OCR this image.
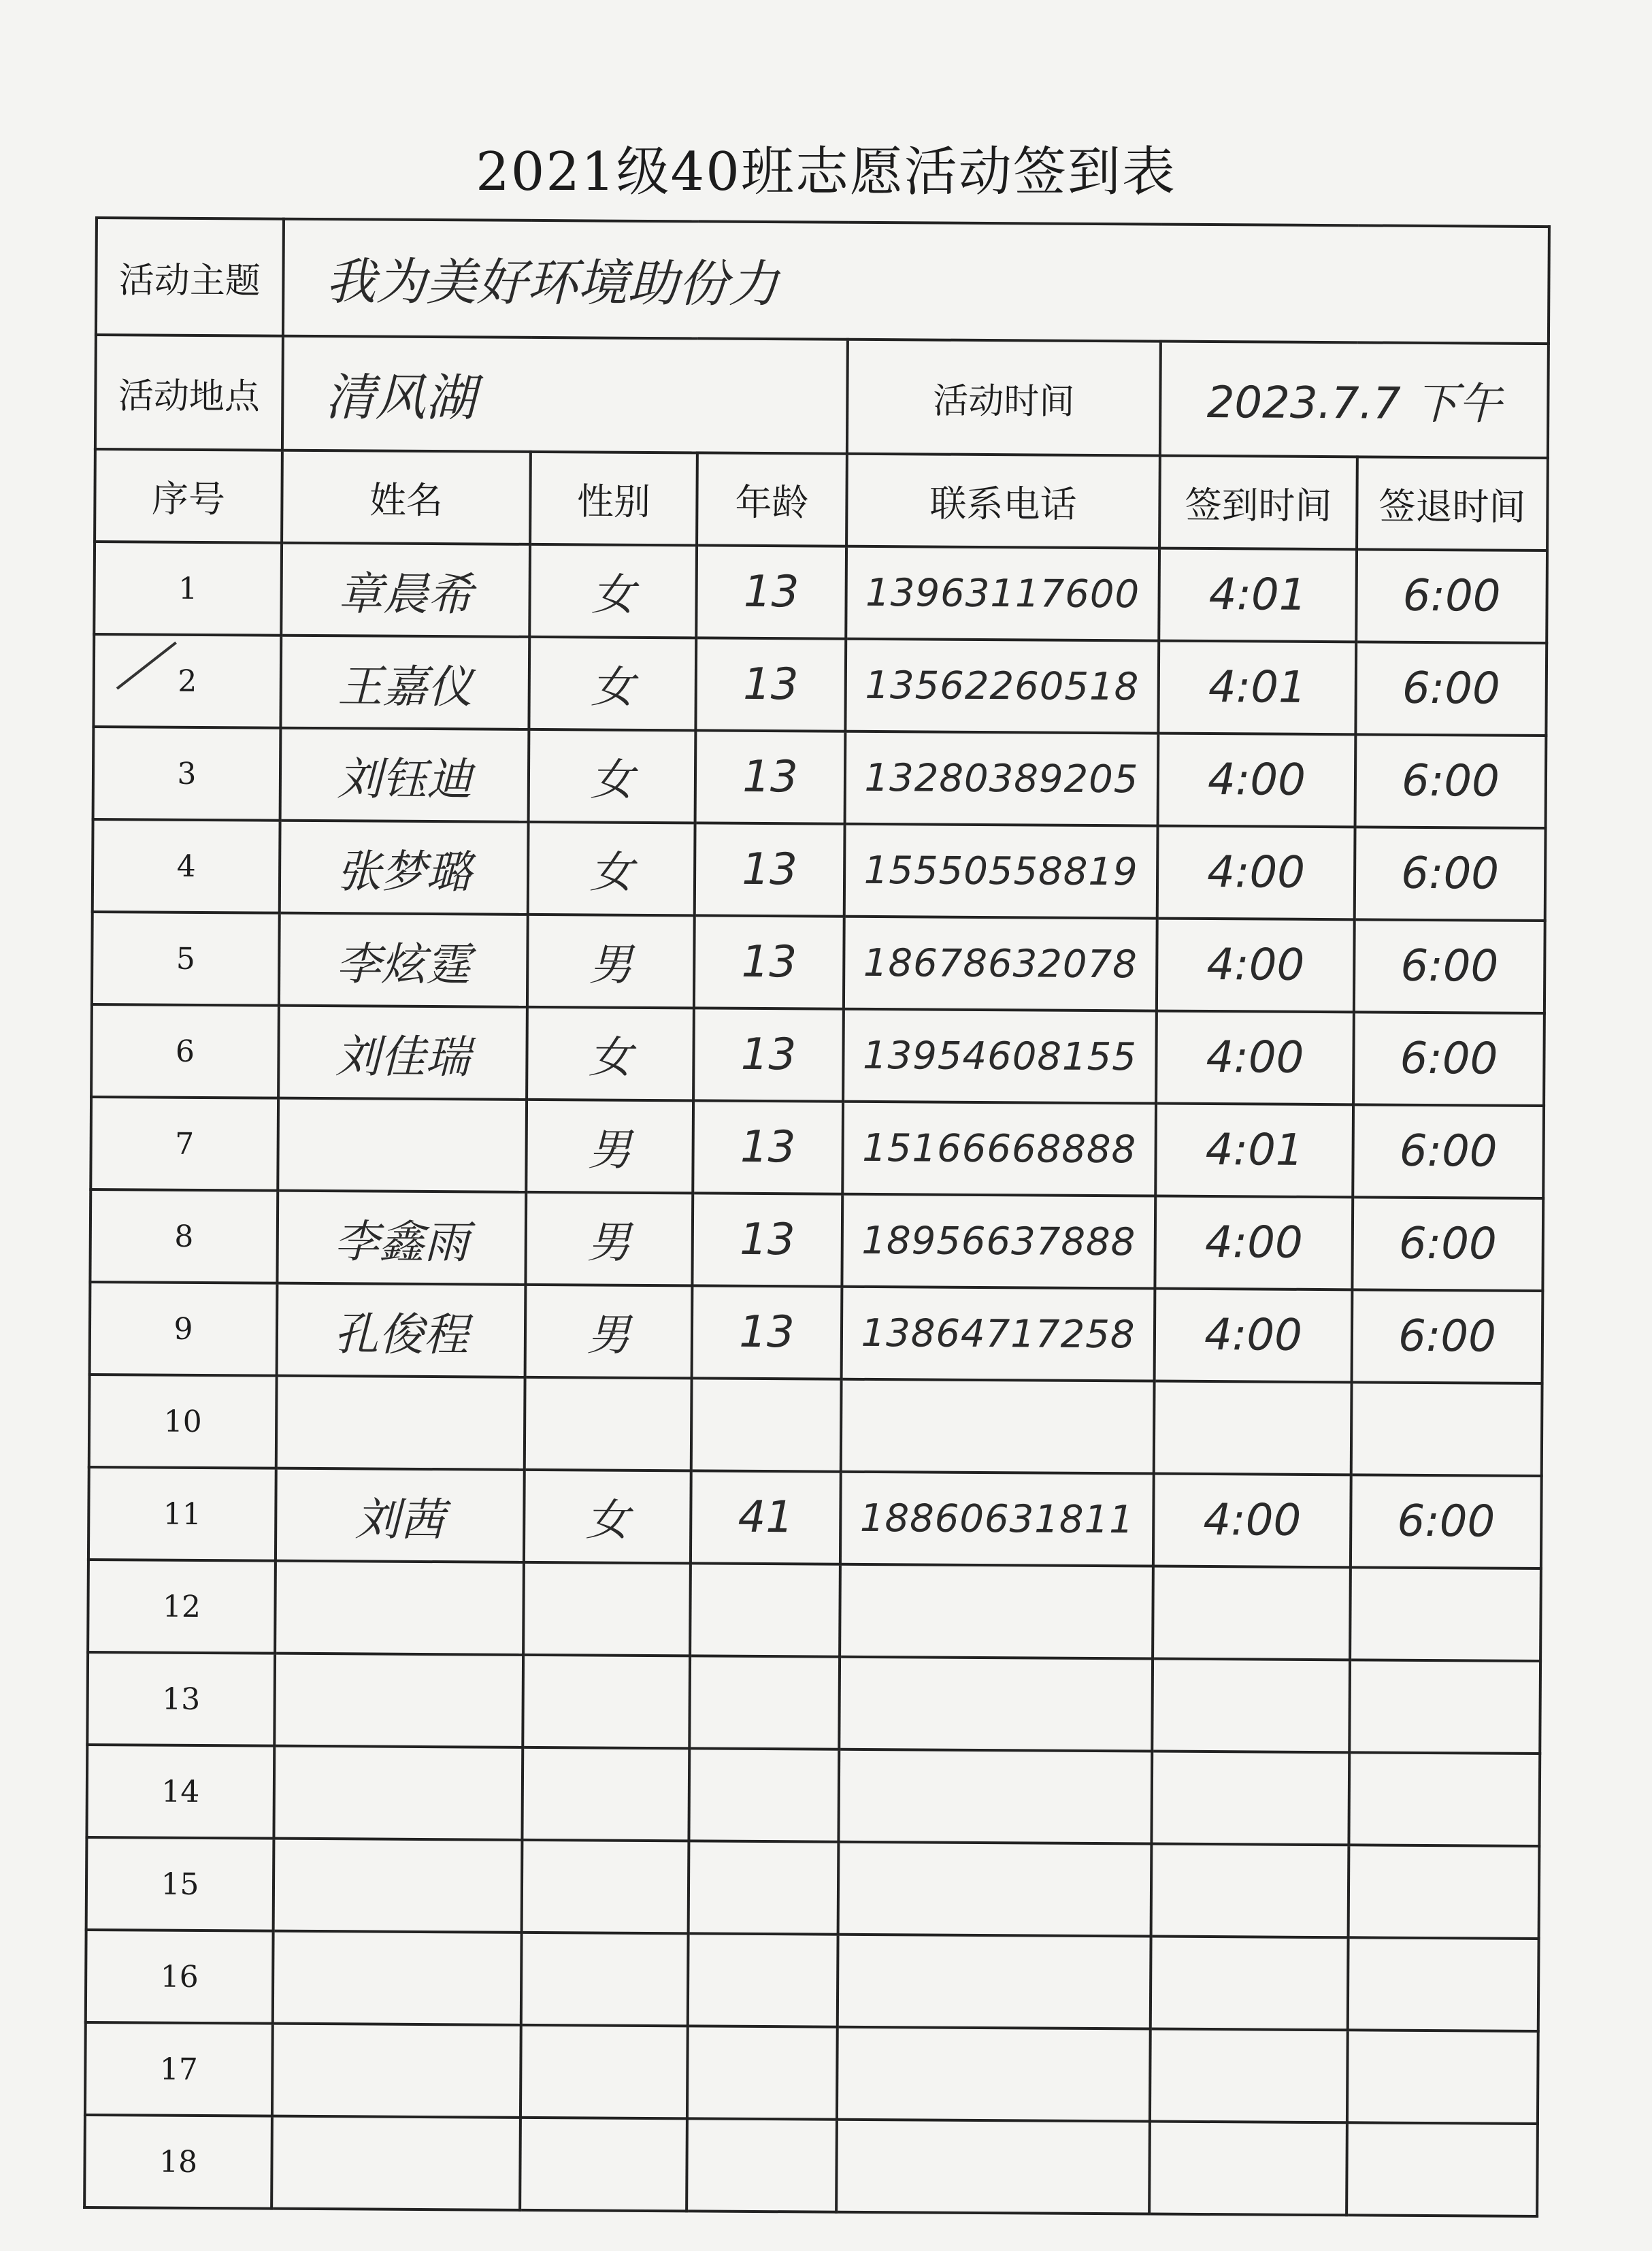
2021级40班志愿活动签到表
活动主题	我为美好环境助份力					
活动地点	清风湖			活动时间	2023.7.7 下午	
序号	姓名	性别	年龄	联系电话	签到时间	签退时间
1	章晨希	女	13	13963117600	4:01	6:00
2	王嘉仪	女	13	13562260518	4:01	6:00
3	刘钰迪	女	13	13280389205	4:00	6:00
4	张梦璐	女	13	15550558819	4:00	6:00
5	李炫霆	男	13	18678632078	4:00	6:00
6	刘佳瑞	女	13	13954608155	4:00	6:00
7		男	13	15166668888	4:01	6:00
8	李鑫雨	男	13	18956637888	4:00	6:00
9	孔俊程	男	13	13864717258	4:00	6:00
10						
11	刘茜	女	41	18860631811	4:00	6:00
12						
13						
14						
15						
16						
17						
18						
